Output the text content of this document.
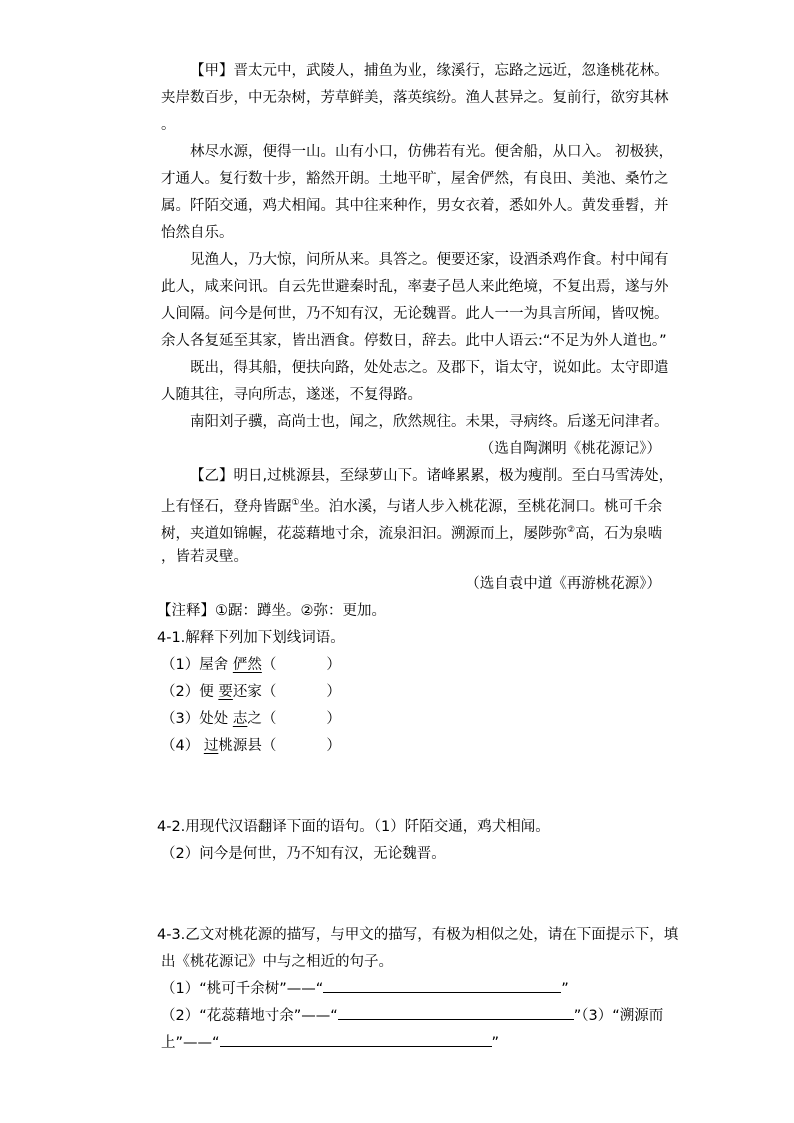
【甲】晋太元中，武陵人，捕鱼为业，缘溪行，忘路之远近，忽逢桃花林。
夹岸数百步，中无杂树，芳草鲜美，落英缤纷。渔人甚异之。复前行，欲穷其林
。
林尽水源，便得一山。山有小口，仿佛若有光。便舍船，从口入。 初极狭，
才通人。复行数十步，豁然开朗。土地平旷，屋舍俨然，有良田、美池、桑竹之
属。阡陌交通，鸡犬相闻。其中往来种作，男女衣着，悉如外人。黄发垂髫，并
怡然自乐。
见渔人，乃大惊，问所从来。具答之。便要还家，设酒杀鸡作食。村中闻有
此人，咸来问讯。自云先世避秦时乱，率妻子邑人来此绝境，不复出焉，遂与外
人间隔。问今是何世，乃不知有汉，无论魏晋。此人一一为具言所闻，皆叹惋。
余人各复延至其家，皆出酒食。停数日，辞去。此中人语云:“不足为外人道也。”
既出，得其船，便扶向路，处处志之。及郡下，诣太守，说如此。太守即遣
人随其往，寻向所志，遂迷，不复得路。
南阳刘子骥，高尚士也，闻之，欣然规往。未果，寻病终。后遂无问津者。
（选自陶渊明《桃花源记》）
【乙】明日,过桃源县，至绿萝山下。诸峰累累，极为瘦削。至白马雪涛处，
上有怪石，登舟皆踞①坐。泊水溪，与诸人步入桃花源，至桃花洞口。桃可千余
树，夹道如锦幄，花蕊藉地寸余，流泉汩汩。溯源而上，屡陟弥②高，石为泉啮
，皆若灵壁。
（选自袁中道《再游桃花源》）
【注释】①踞：蹲坐。②弥：更加。
4-1.解释下列加下划线词语。
（1）屋舍 俨然（	）
（2）便 要还家（	）
（3）处处 志之（	）
（4） 过桃源县（	）
4-2.用现代汉语翻译下面的语句。（1）阡陌交通，鸡犬相闻。
（2）问今是何世，乃不知有汉，无论魏晋。
4-3.乙文对桃花源的描写，与甲文的描写，有极为相似之处，请在下面提示下，填
出《桃花源记》中与之相近的句子。
（1）“桃可千余树”——“	”
（2）“花蕊藉地寸余”——“	”（3）“溯源而
上”——“	”
